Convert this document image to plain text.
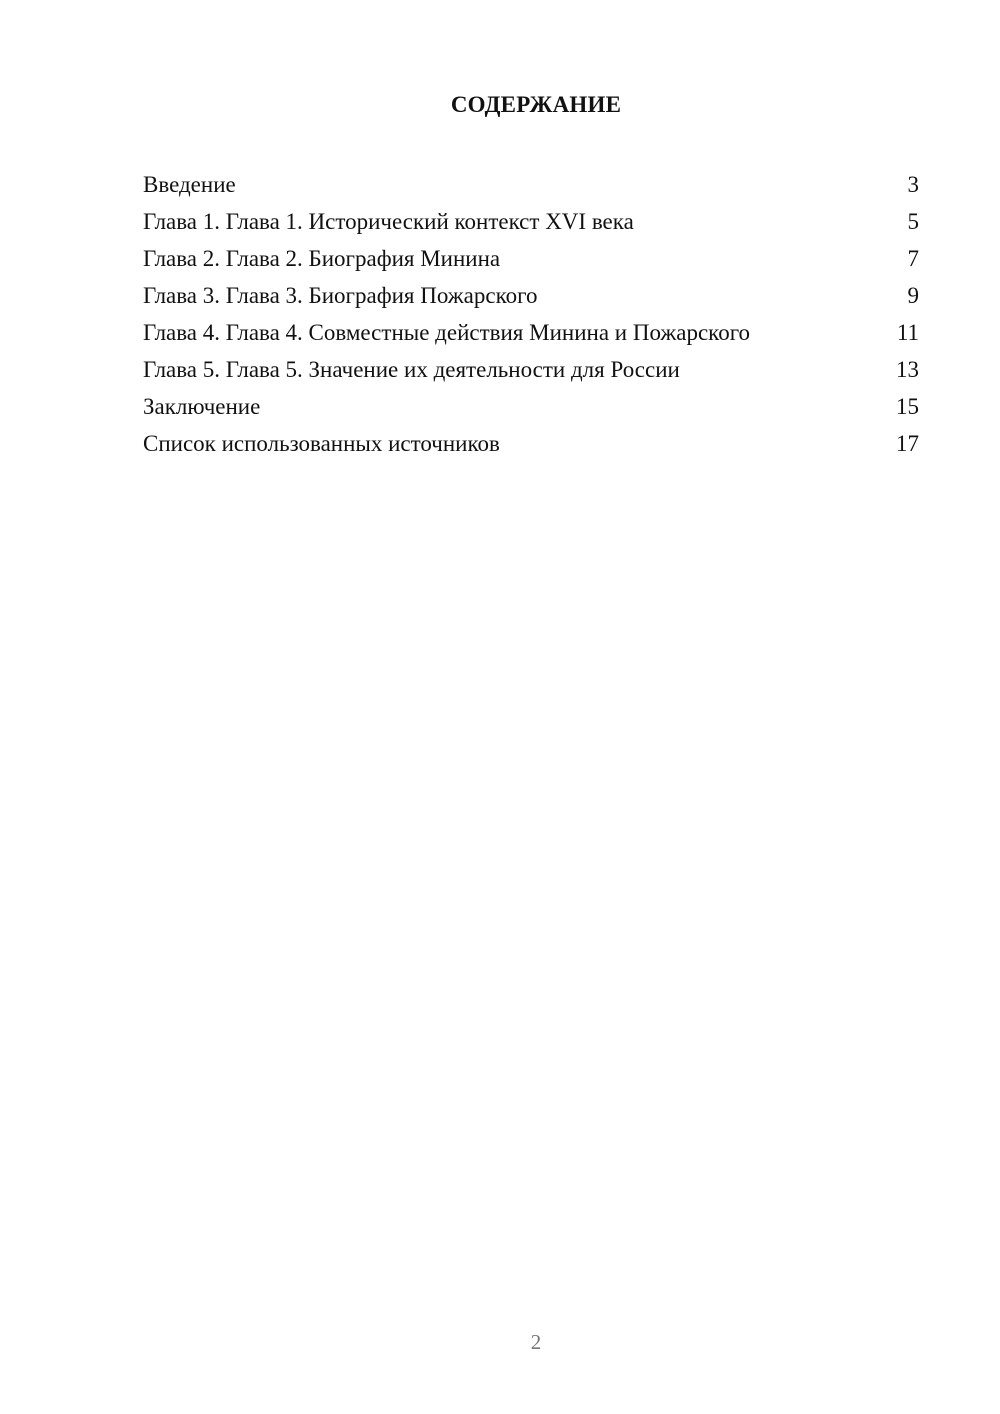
СОДЕРЖАНИЕ
Введение	3
Глава 1. Глава 1. Исторический контекст XVI века	5
Глава 2. Глава 2. Биография Минина	7
Глава 3. Глава 3. Биография Пожарского	9
Глава 4. Глава 4. Совместные действия Минина и Пожарского	11
Глава 5. Глава 5. Значение их деятельности для России	13
Заключение	15
Список использованных источников	17
2
